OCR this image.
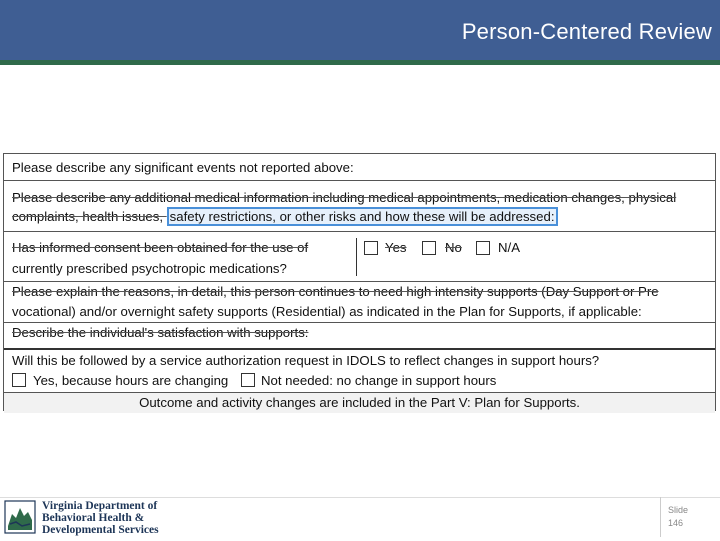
Person-Centered Review
Please describe any significant events not reported above:
Please describe any additional medical information including medical appointments, medication changes, physical
complaints, health issues, safety restrictions, or other risks and how these will be addressed:
Has informed consent been obtained for the use of
currently prescribed psychotropic medications?
Yes	No	N/A
Please explain the reasons, in detail, this person continues to need high intensity supports (Day Support or Pre
vocational) and/or overnight safety supports (Residential) as indicated in the Plan for Supports, if applicable:
Describe the individual's satisfaction with supports:
Will this be followed by a service authorization request in IDOLS to reflect changes in support hours?
Yes, because hours are changing Not needed: no change in support hours
Outcome and activity changes are included in the Part V: Plan for Supports.
Virginia Department of
Behavioral Health &
Developmental Services
Slide
146
